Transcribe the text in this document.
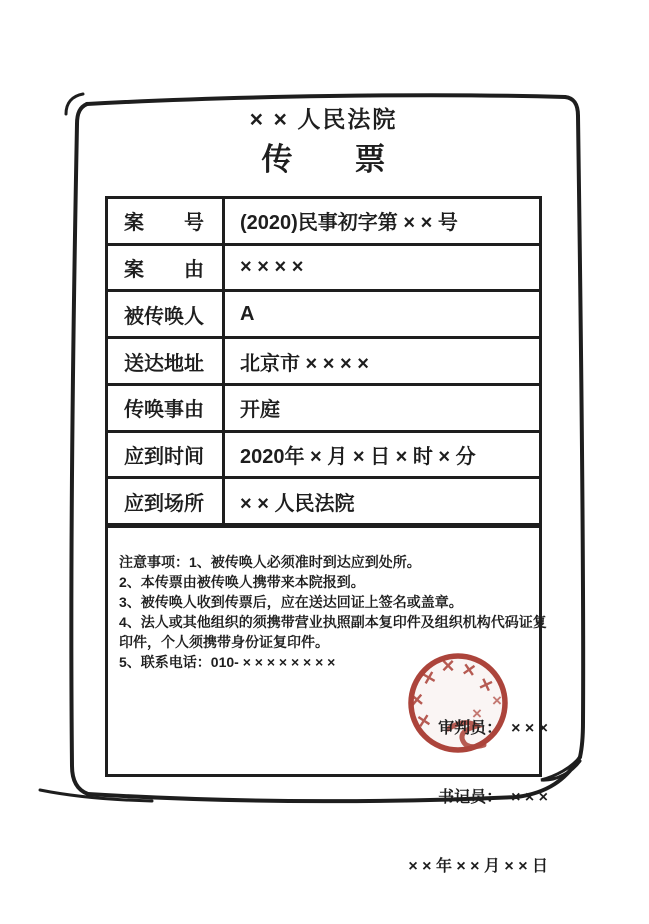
× × 人民法院
传　　票
案　　号	(2020)民事初字第 × × 号
案　　由	× × × ×
被传唤人	A
送达地址	北京市 × × × ×
传唤事由	开庭
应到时间	2020年 × 月 × 日 × 时 × 分
应到场所	× × 人民法院
注意事项：1、被传唤人必须准时到达应到处所。
2、本传票由被传唤人携带来本院报到。
3、被传唤人收到传票后，应在送达回证上签名或盖章。
4、法人或其他组织的须携带营业执照副本复印件及组织机构代码证复
印件，个人须携带身份证复印件。
5、联系电话：010- × × × × × × × ×
× × ×
×
×
×
×
×

审判员：  × × ×

书记员：  × × ×

× × 年 × × 月 × × 日
